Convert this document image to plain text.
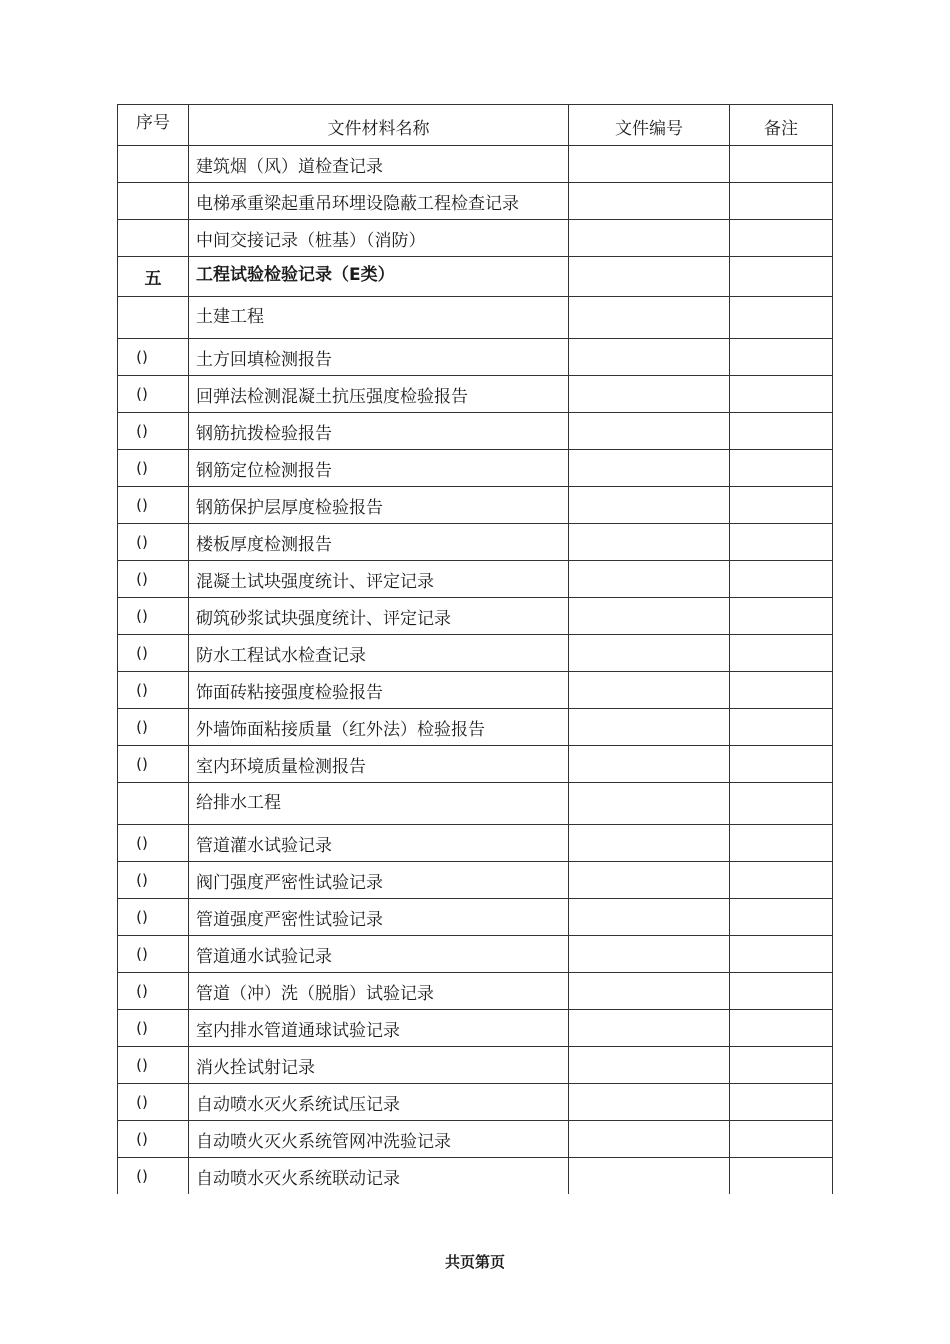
序号	文件材料名称	文件编号	备注
	建筑烟（风）道检查记录		
	电梯承重梁起重吊环埋设隐蔽工程检查记录		
	中间交接记录（桩基）（消防）		
五	工程试验检验记录（E类）		
	土建工程		
()	土方回填检测报告		
()	回弹法检测混凝土抗压强度检验报告		
()	钢筋抗拨检验报告		
()	钢筋定位检测报告		
()	钢筋保护层厚度检验报告		
()	楼板厚度检测报告		
()	混凝土试块强度统计、评定记录		
()	砌筑砂浆试块强度统计、评定记录		
()	防水工程试水检查记录		
()	饰面砖粘接强度检验报告		
()	外墙饰面粘接质量（红外法）检验报告		
()	室内环境质量检测报告		
	给排水工程		
()	管道灌水试验记录		
()	阀门强度严密性试验记录		
()	管道强度严密性试验记录		
()	管道通水试验记录		
()	管道（冲）洗（脱脂）试验记录		
()	室内排水管道通球试验记录		
()	消火拴试射记录		
()	自动喷水灭火系统试压记录		
()	自动喷火灭火系统管网冲洗验记录		
()	自动喷水灭火系统联动记录		
共页第页
